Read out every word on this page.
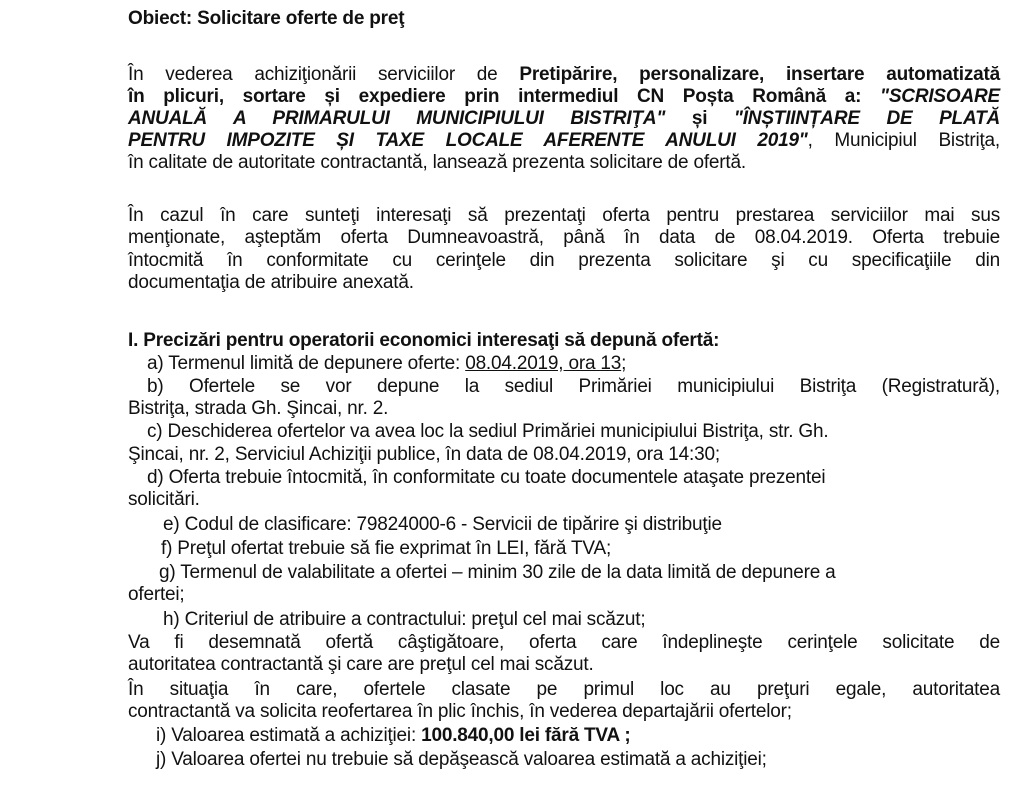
Obiect: Solicitare oferte de preţ
În vederea achiziţionării serviciilor de Pretipărire, personalizare, insertare automatizată
în plicuri, sortare și expediere prin intermediul CN Poșta Română a: "SCRISOARE
ANUALĂ A PRIMARULUI MUNICIPIULUI BISTRIŢA" și "ÎNȘTIINȚARE DE PLATĂ
PENTRU IMPOZITE ȘI TAXE LOCALE AFERENTE ANULUI 2019", Municipiul Bistriţa,
în calitate de autoritate contractantă, lansează prezenta solicitare de ofertă.
În cazul în care sunteţi interesaţi să prezentaţi oferta pentru prestarea serviciilor mai sus
menţionate, aşteptăm oferta Dumneavoastră, până în data de 08.04.2019. Oferta trebuie
întocmită în conformitate cu cerinţele din prezenta solicitare şi cu specificaţiile din
documentaţia de atribuire anexată.
I. Precizări pentru operatorii economici interesaţi să depună ofertă:
a) Termenul limită de depunere oferte: 08.04.2019, ora 13;
b) Ofertele se vor depune la sediul Primăriei municipiului Bistriţa (Registratură),
Bistriţa, strada Gh. Şincai, nr. 2.
c) Deschiderea ofertelor va avea loc la sediul Primăriei municipiului Bistriţa, str. Gh.
Şincai, nr. 2, Serviciul Achiziţii publice, în data de 08.04.2019, ora 14:30;
d) Oferta trebuie întocmită, în conformitate cu toate documentele ataşate prezentei
solicitări.
e) Codul de clasificare: 79824000-6 - Servicii de tipărire şi distribuţie
f) Preţul ofertat trebuie să fie exprimat în LEI, fără TVA;
g) Termenul de valabilitate a ofertei – minim 30 zile de la data limită de depunere a
ofertei;
h) Criteriul de atribuire a contractului: preţul cel mai scăzut;
Va fi desemnată ofertă câştigătoare, oferta care îndeplineşte cerinţele solicitate de
autoritatea contractantă şi care are preţul cel mai scăzut.
În situaţia în care, ofertele clasate pe primul loc au preţuri egale, autoritatea
contractantă va solicita reofertarea în plic închis, în vederea departajării ofertelor;
i) Valoarea estimată a achiziţiei: 100.840,00 lei fără TVA ;
j) Valoarea ofertei nu trebuie să depăşească valoarea estimată a achiziţiei;
